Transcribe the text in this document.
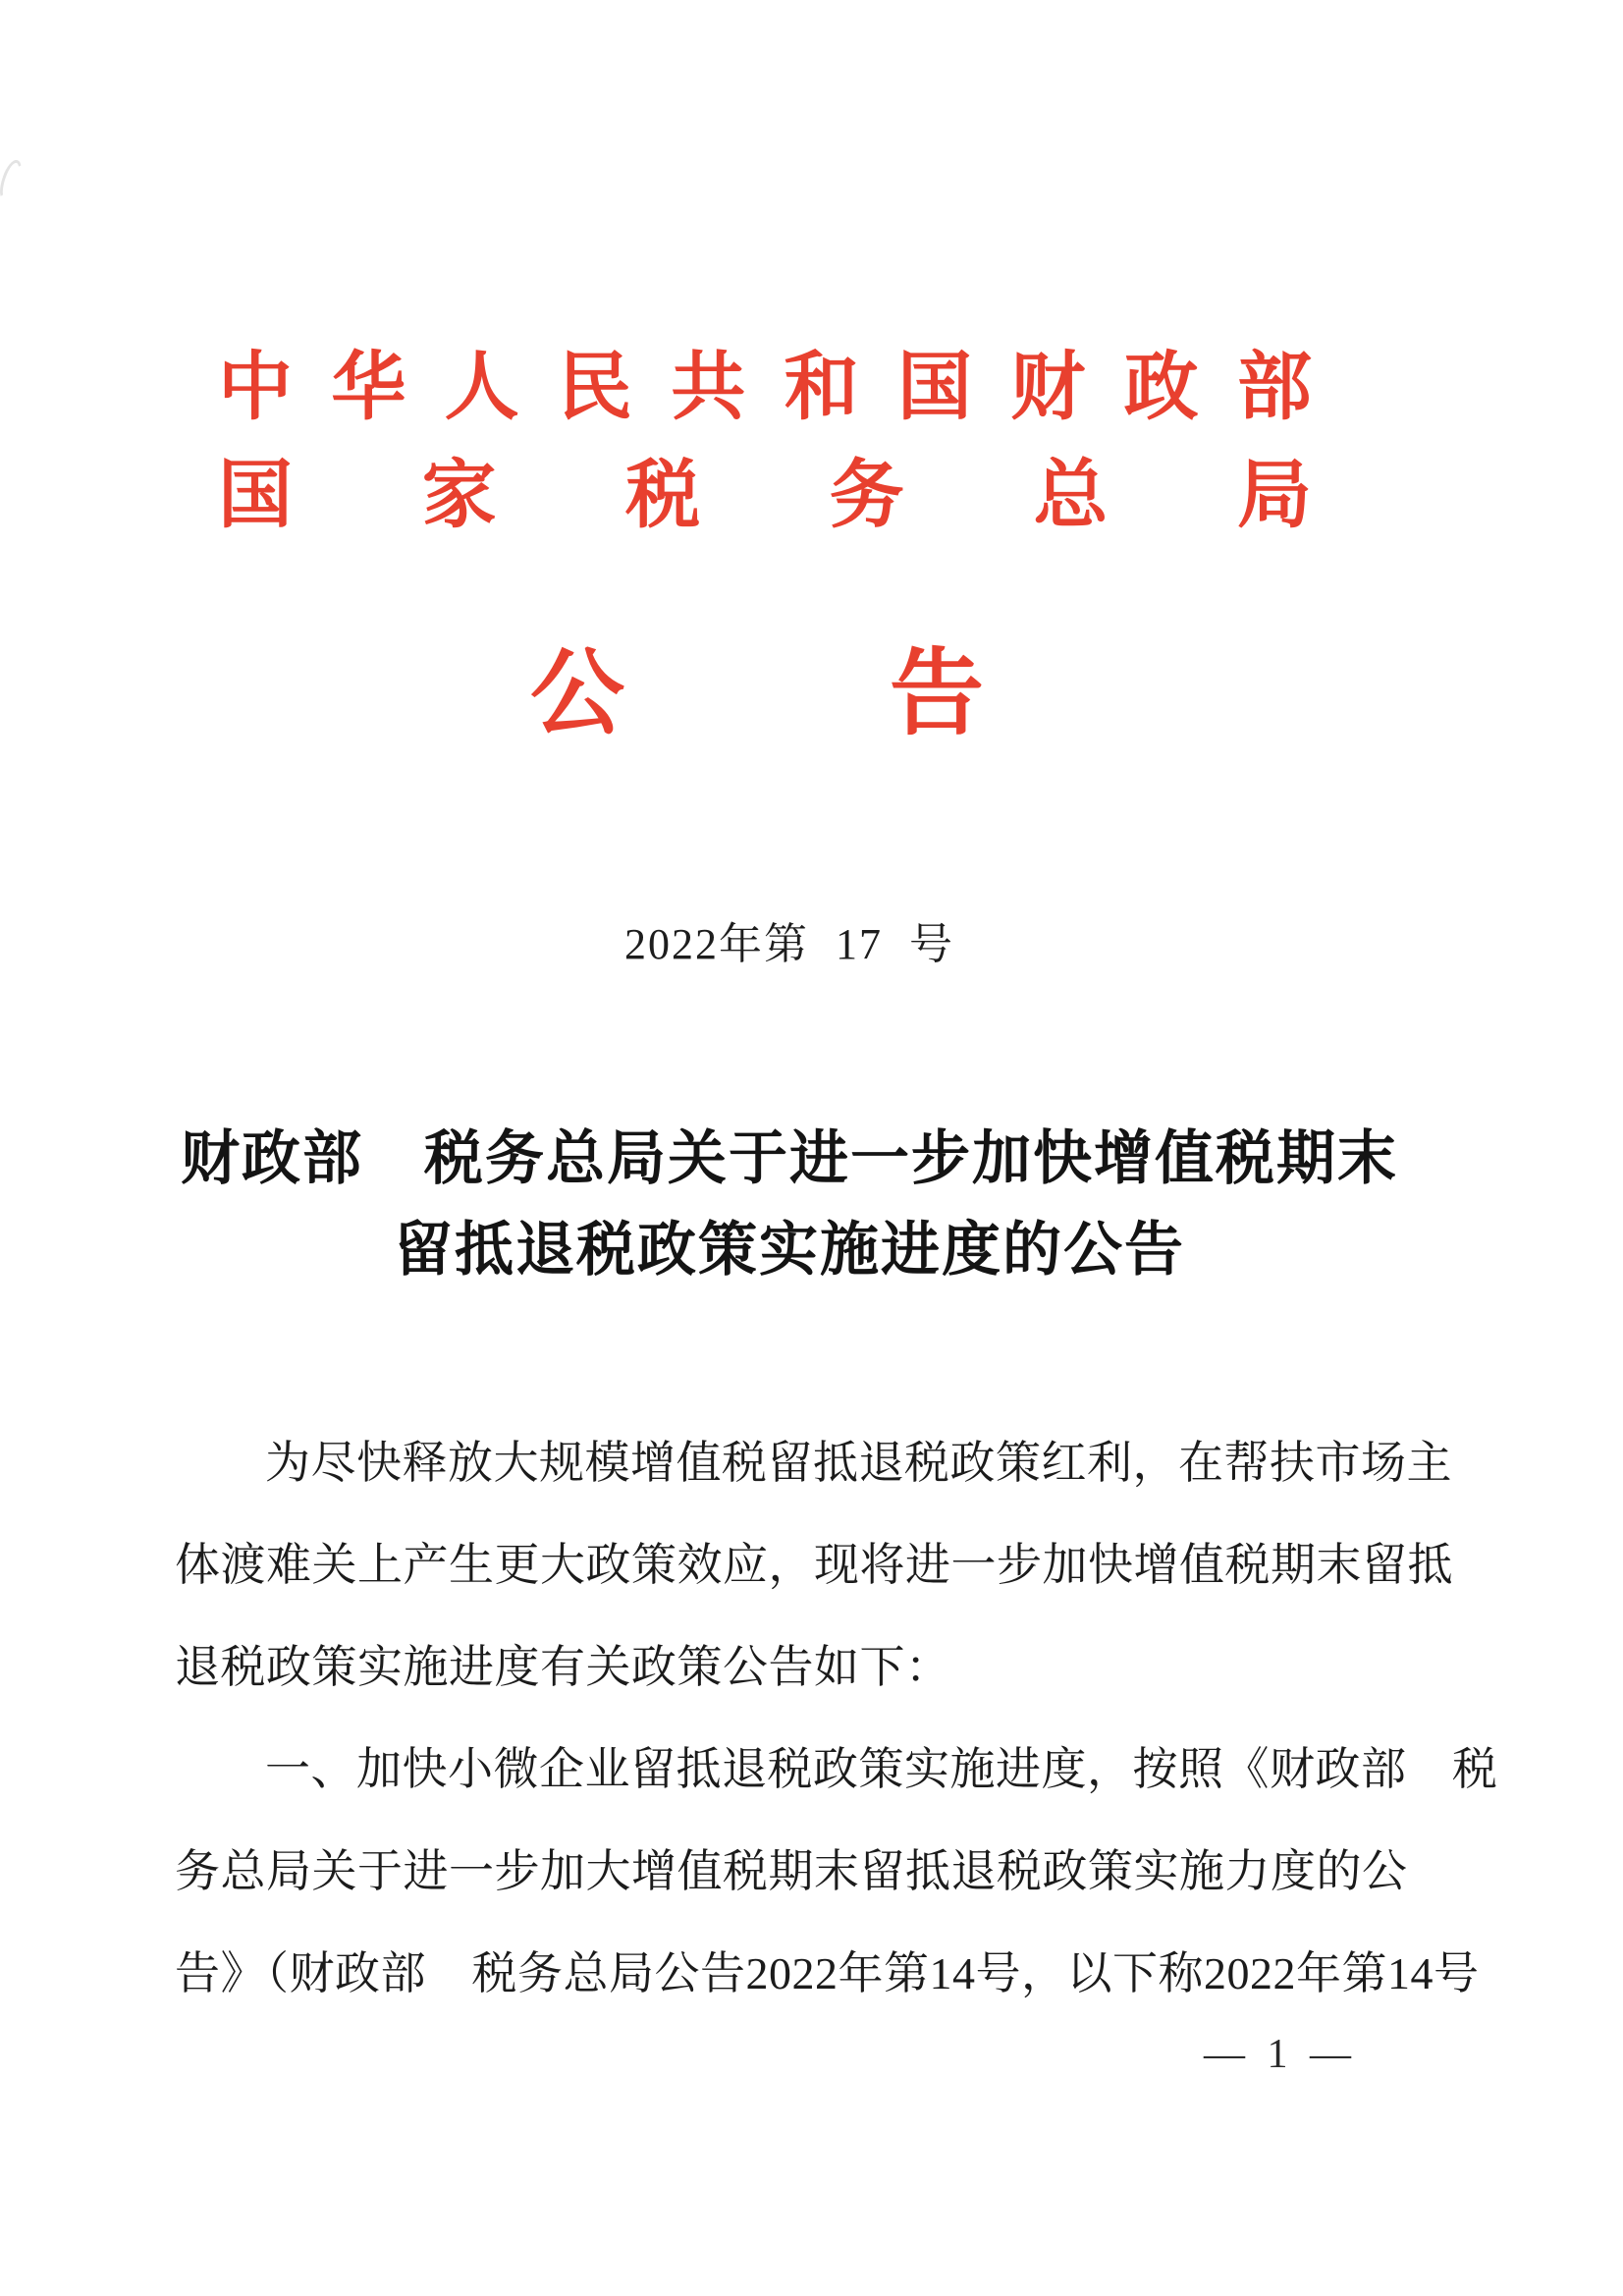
中 华 人 民 共 和 国 财 政 部
国 家 税 务 总 局
公	告
2022年第 17 号
财政部　税务总局关于进一步加快增值税期末
留抵退税政策实施进度的公告
为尽快释放大规模增值税留抵退税政策红利，在帮扶市场主
体渡难关上产生更大政策效应，现将进一步加快增值税期末留抵
退税政策实施进度有关政策公告如下：
一、加快小微企业留抵退税政策实施进度，按照《财政部　税
务总局关于进一步加大增值税期末留抵退税政策实施力度的公
告》（财政部　税务总局公告2022年第14号，以下称2022年第14号
— 1 —
